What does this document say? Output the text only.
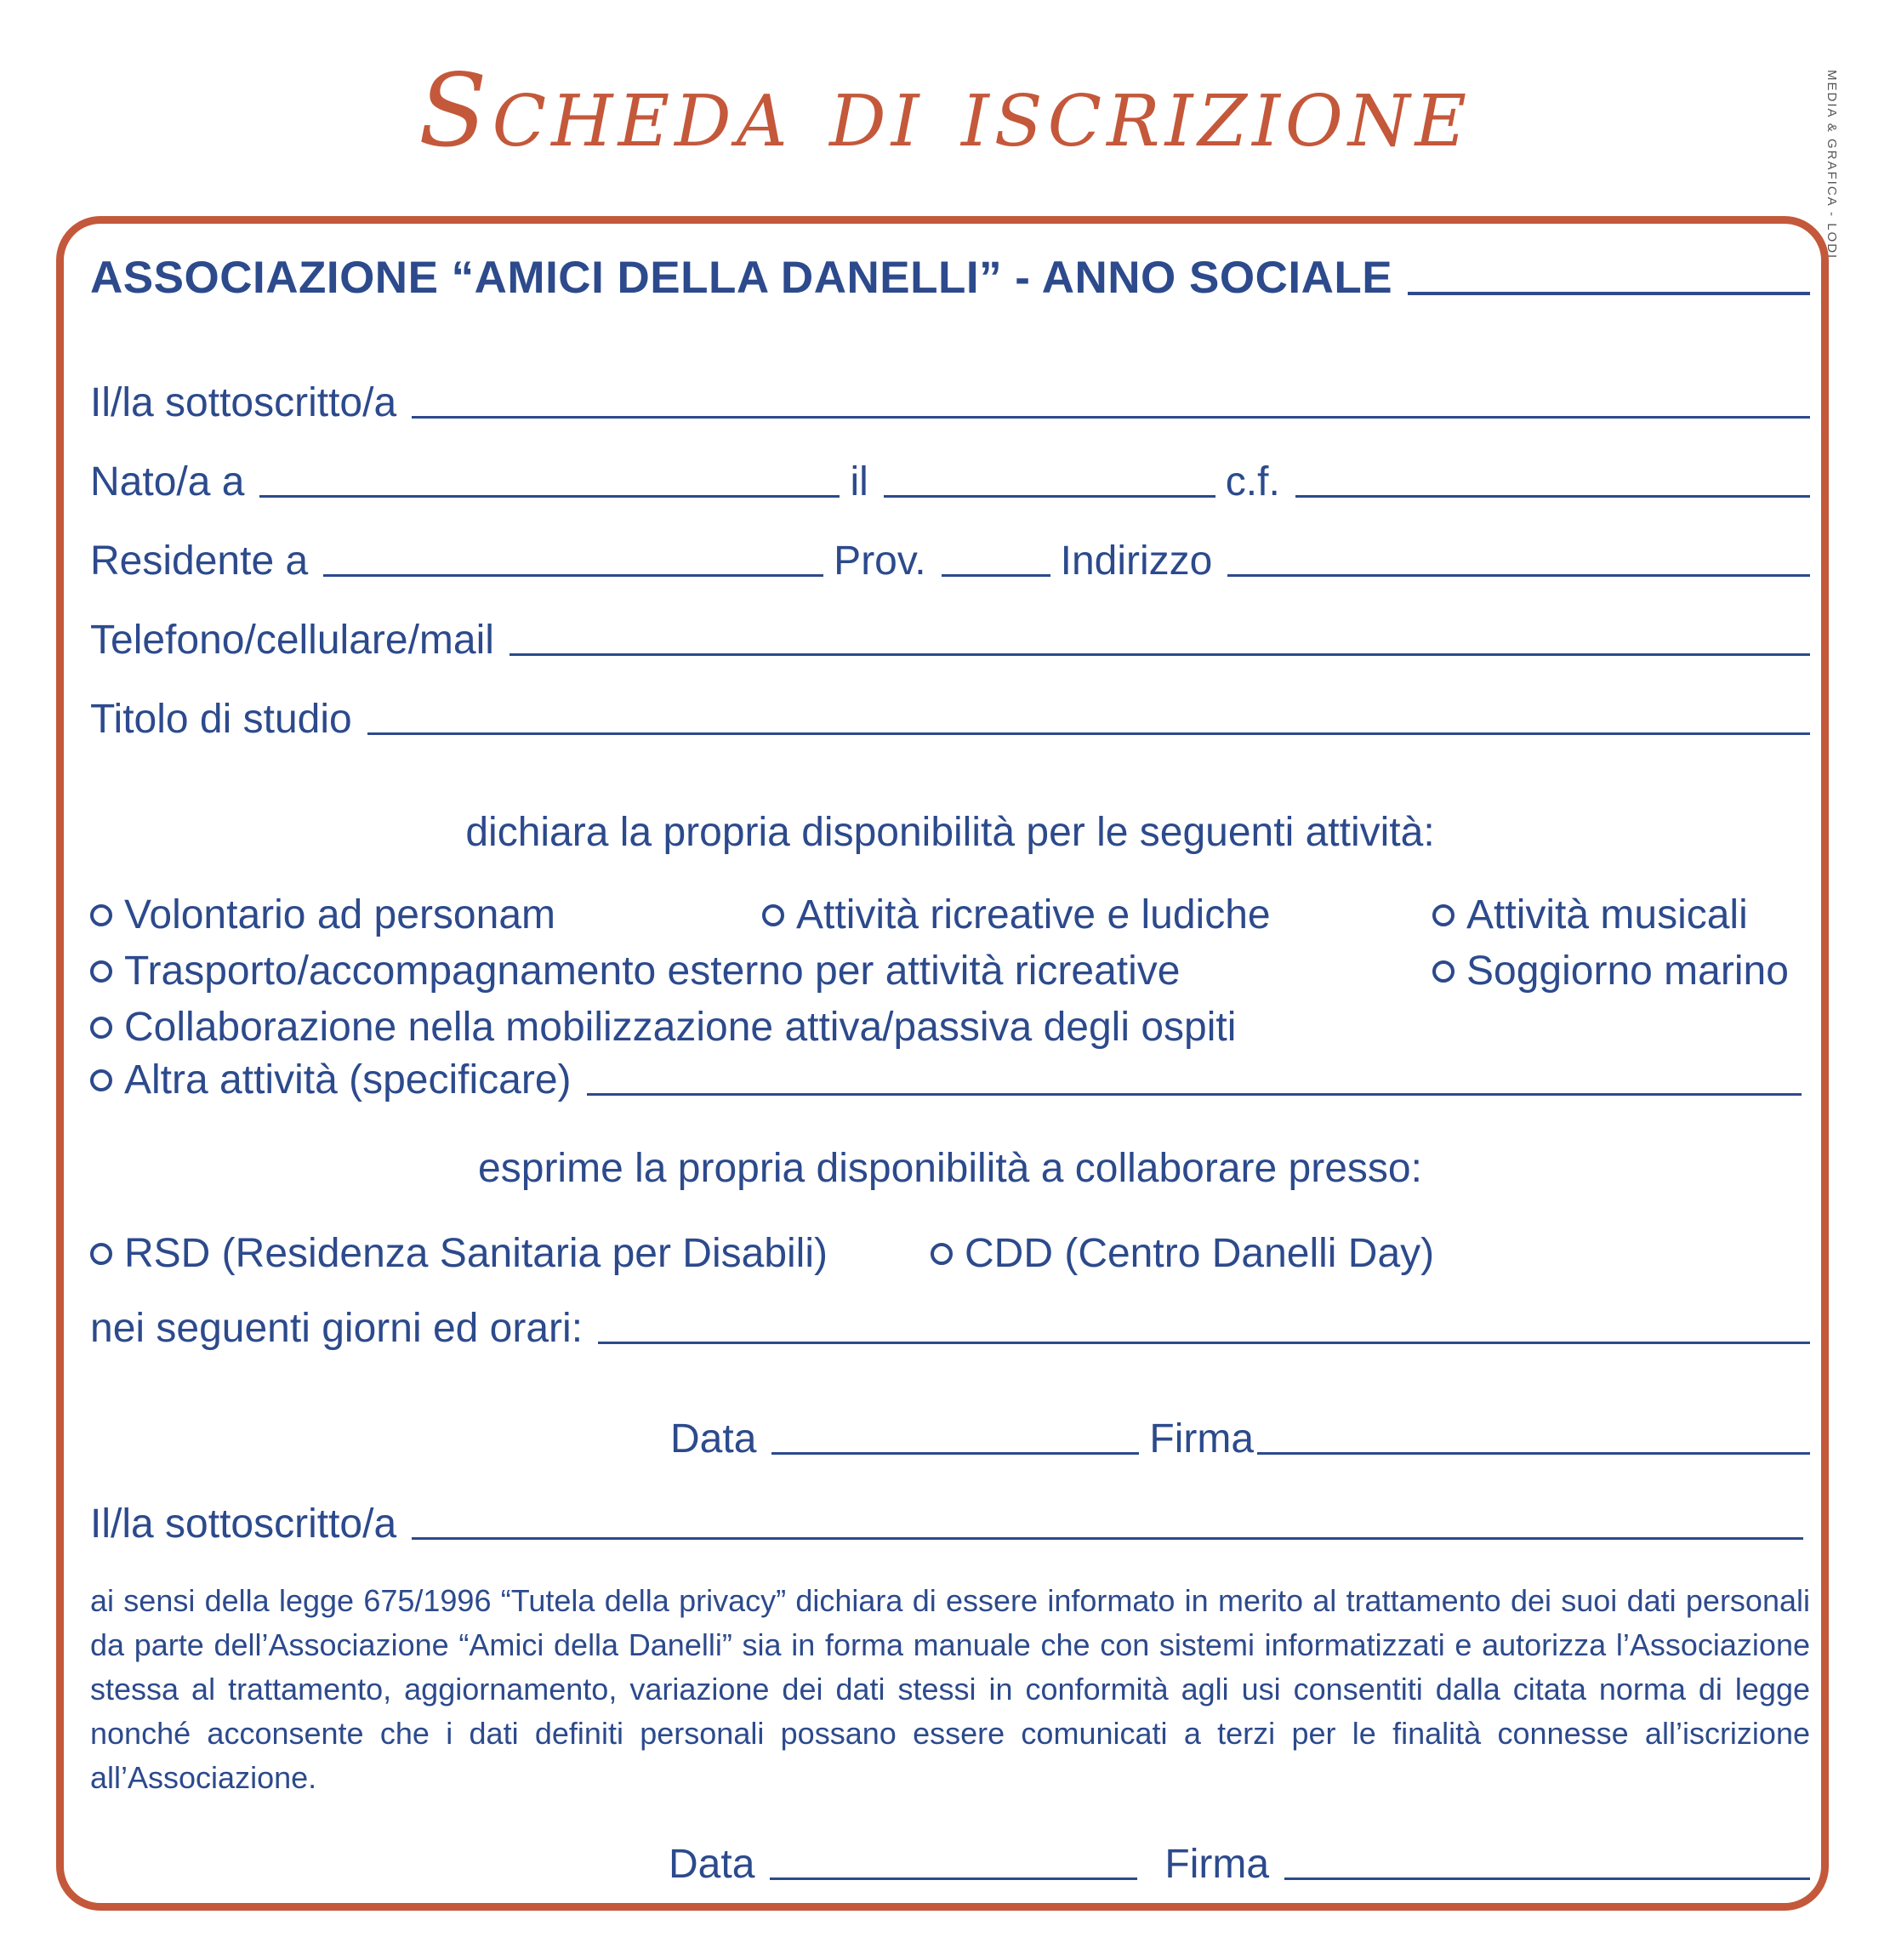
Scheda di iscrizione	MEDIA & GRAFICA - LODI
ASSOCIAZIONE “AMICI DELLA DANELLI” - ANNO SOCIALE
Il/la sottoscritto/a
Nato/a a	il	c.f.
Residente a	Prov.	Indirizzo
Telefono/cellulare/mail
Titolo di studio
dichiara la propria disponibilità per le seguenti attività:
Volontario ad personam	Attività ricreative e ludiche	Attività musicali
Trasporto/accompagnamento esterno per attività ricreative	Soggiorno marino
Collaborazione nella mobilizzazione attiva/passiva degli ospiti
Altra attività (specificare)
esprime la propria disponibilità a collaborare presso:
RSD (Residenza Sanitaria per Disabili)	CDD (Centro Danelli Day)
nei seguenti giorni ed orari:
Data	Firma
Il/la sottoscritto/a
ai sensi della legge 675/1996 “Tutela della privacy” dichiara di essere informato in merito al trattamento dei suoi dati personali da parte dell’Associazione “Amici della Danelli” sia in forma manuale che con sistemi informatizzati e autorizza l’Associazione stessa al trattamento, aggiornamento, variazione dei dati stessi in conformità agli usi consentiti dalla citata norma di legge nonché acconsente che i dati definiti personali possano essere comunicati a terzi per le finalità connesse all’iscrizione all’Associazione.
Data	Firma
